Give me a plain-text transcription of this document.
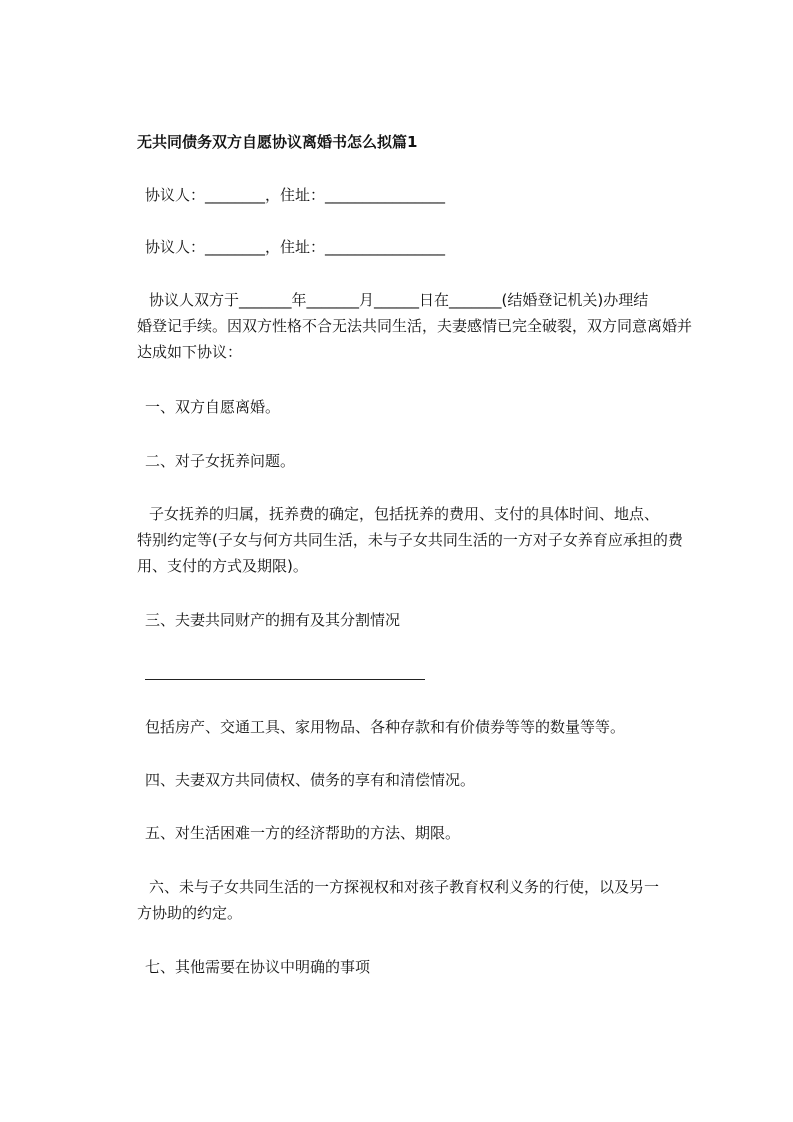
无共同债务双方自愿协议离婚书怎么拟篇1
协议人：________，住址：________________
协议人：________，住址：________________
协议人双方于_______年_______月______日在_______(结婚登记机关)办理结
婚登记手续。因双方性格不合无法共同生活，夫妻感情已完全破裂，双方同意离婚并
达成如下协议：
一、双方自愿离婚。
二、对子女抚养问题。
子女抚养的归属，抚养费的确定，包括抚养的费用、支付的具体时间、地点、
特别约定等(子女与何方共同生活，未与子女共同生活的一方对子女养育应承担的费
用、支付的方式及期限)。
三、夫妻共同财产的拥有及其分割情况
包括房产、交通工具、家用物品、各种存款和有价债券等等的数量等等。
四、夫妻双方共同债权、债务的享有和清偿情况。
五、对生活困难一方的经济帮助的方法、期限。
六、未与子女共同生活的一方探视权和对孩子教育权利义务的行使，以及另一
方协助的约定。
七、其他需要在协议中明确的事项
